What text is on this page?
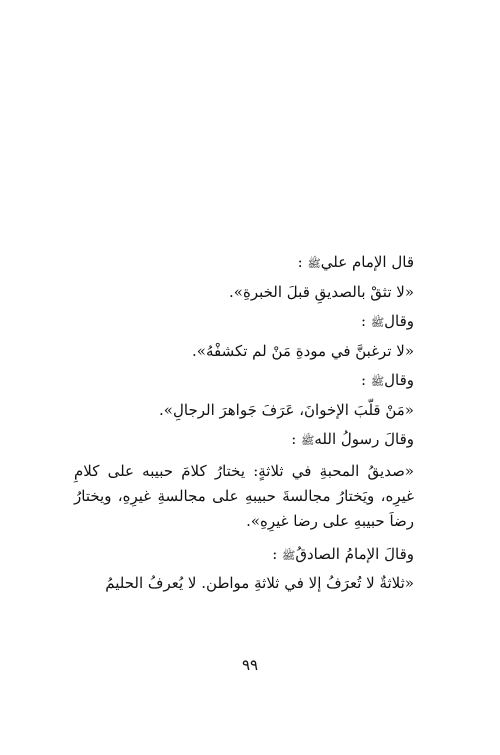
قال الإمام عليﷺ :
«لا تثقْ بالصديقِ قبلَ الخبرةِ».
وقالﷺ :
«لا ترغبنَّ في مودةِ مَنْ لم تكشفْهُ».
وقالﷺ :
«مَنْ قلّبَ الإخوانَ، عَرَفَ جَواهرَ الرجالِ».
وقالَ رسولُ اللهﷺ :
«صديقُ المحبةِ في ثلاثةٍ: يختارُ كلامَ حبيبه على كلامِ غيرِه، ويَختارُ مجالسةَ حبيبهِ على مجالسةِ غيرِهِ، ويختارُ رضاَ حبيبهِ على رضا غيرِهِ».
وقالَ الإمامُ الصادقُﷺ :
«ثلاثةٌ لا تُعرَفُ إلا في ثلاثةِ مواطن. لا يُعرفُ الحليمُ
٩٩
